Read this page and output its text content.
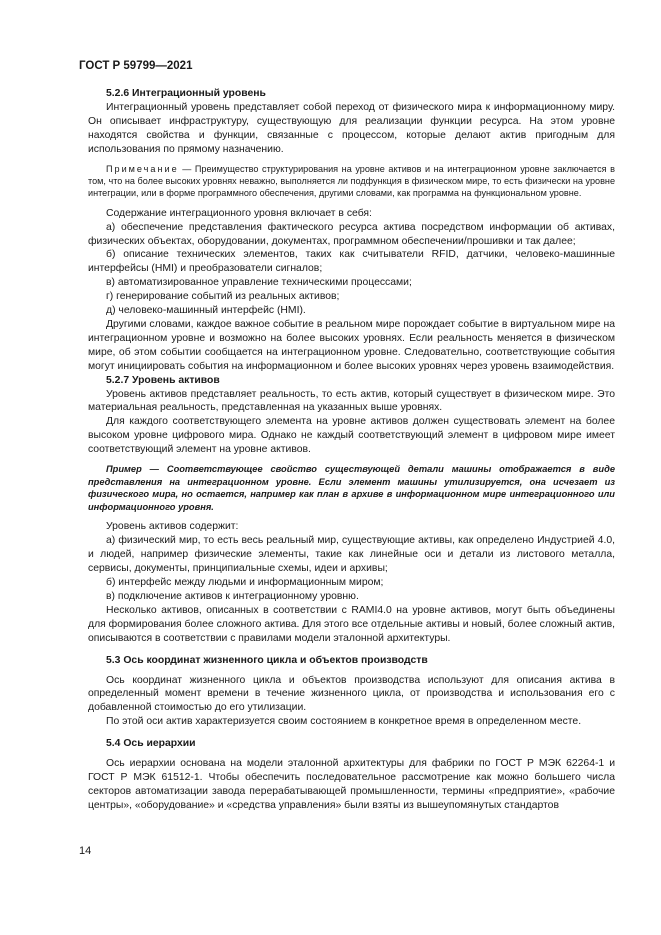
ГОСТ Р 59799—2021

5.2.6 Интеграционный уровень

Интеграционный уровень представляет собой переход от физического мира к информационному миру. Он описывает инфраструктуру, существующую для реализации функции ресурса. На этом уровне находятся свойства и функции, связанные с процессом, которые делают актив пригодным для использования по прямому назначению.

Примечание — Преимущество структурирования на уровне активов и на интеграционном уровне заключается в том, что на более высоких уровнях неважно, выполняется ли подфункция в физическом мире, то есть физически на уровне интеграции, или в форме программного обеспечения, другими словами, как программа на функциональном уровне.

Содержание интеграционного уровня включает в себя:

а) обеспечение представления фактического ресурса актива посредством информации об активах, физических объектах, оборудовании, документах, программном обеспечении/прошивки и так далее;

б) описание технических элементов, таких как считыватели RFID, датчики, человеко-машинные интерфейсы (HMI) и преобразователи сигналов;

в) автоматизированное управление техническими процессами;

г) генерирование событий из реальных активов;

д) человеко-машинный интерфейс (HMI).

Другими словами, каждое важное событие в реальном мире порождает событие в виртуальном мире на интеграционном уровне и возможно на более высоких уровнях. Если реальность меняется в физическом мире, об этом событии сообщается на интеграционном уровне. Следовательно, соответствующие события могут инициировать события на информационном и более высоких уровнях через уровень взаимодействия.

5.2.7 Уровень активов

Уровень активов представляет реальность, то есть актив, который существует в физическом мире. Это материальная реальность, представленная на указанных выше уровнях.

Для каждого соответствующего элемента на уровне активов должен существовать элемент на более высоком уровне цифрового мира. Однако не каждый соответствующий элемент в цифровом мире имеет соответствующий элемент на уровне активов.

Пример — Соответствующее свойство существующей детали машины отображается в виде представления на интеграционном уровне. Если элемент машины утилизируется, она исчезает из физического мира, но остается, например как план в архиве в информационном мире интеграционного или информационного уровня.

Уровень активов содержит:

а) физический мир, то есть весь реальный мир, существующие активы, как определено Индустрией 4.0, и людей, например физические элементы, такие как линейные оси и детали из листового металла, сервисы, документы, принципиальные схемы, идеи и архивы;

б) интерфейс между людьми и информационным миром;

в) подключение активов к интеграционному уровню.

Несколько активов, описанных в соответствии с RAMI4.0 на уровне активов, могут быть объединены для формирования более сложного актива. Для этого все отдельные активы и новый, более сложный актив, описываются в соответствии с правилами модели эталонной архитектуры.

5.3 Ось координат жизненного цикла и объектов производств

Ось координат жизненного цикла и объектов производства используют для описания актива в определенный момент времени в течение жизненного цикла, от производства и использования его с добавленной стоимостью до его утилизации.

По этой оси актив характеризуется своим состоянием в конкретное время в определенном месте.

5.4 Ось иерархии

Ось иерархии основана на модели эталонной архитектуры для фабрики по ГОСТ Р МЭК 62264-1 и ГОСТ Р МЭК 61512-1. Чтобы обеспечить последовательное рассмотрение как можно большего числа секторов автоматизации завода перерабатывающей промышленности, термины «предприятие», «рабочие центры», «оборудование» и «средства управления» были взяты из вышеупомянутых стандартов

14
